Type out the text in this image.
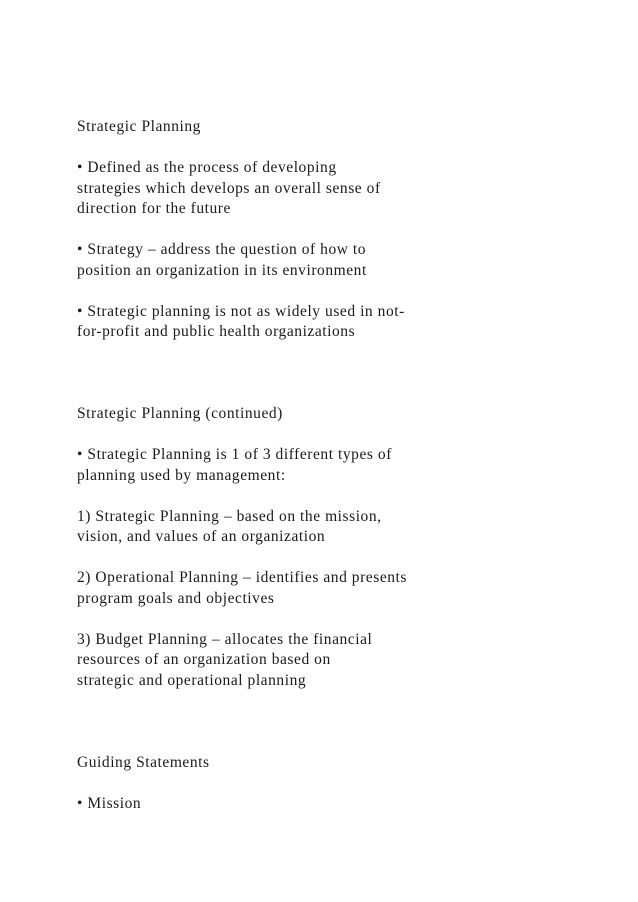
Strategic Planning
• Defined as the process of developing
strategies which develops an overall sense of
direction for the future
• Strategy – address the question of how to
position an organization in its environment
• Strategic planning is not as widely used in not-
for-profit and public health organizations
Strategic Planning (continued)
• Strategic Planning is 1 of 3 different types of
planning used by management:
1) Strategic Planning – based on the mission,
vision, and values of an organization
2) Operational Planning – identifies and presents
program goals and objectives
3) Budget Planning – allocates the financial
resources of an organization based on
strategic and operational planning
Guiding Statements
• Mission
